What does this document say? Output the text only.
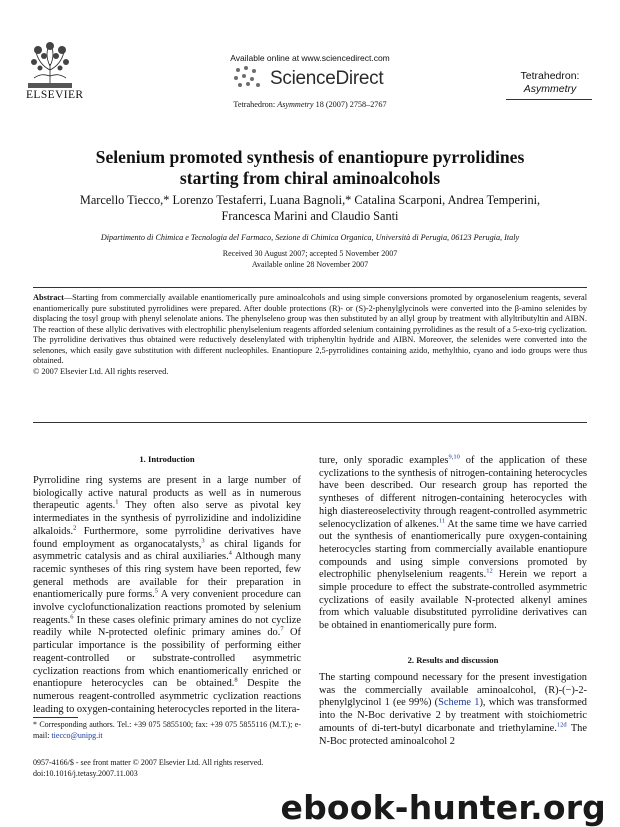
ELSEVIER
Available online at www.sciencedirect.com
ScienceDirect
Tetrahedron: Asymmetry 18 (2007) 2758–2767
Tetrahedron:
Asymmetry
Selenium promoted synthesis of enantiopure pyrrolidines
starting from chiral aminoalcohols
Marcello Tiecco,* Lorenzo Testaferri, Luana Bagnoli,* Catalina Scarponi, Andrea Temperini,
Francesca Marini and Claudio Santi
Dipartimento di Chimica e Tecnologia del Farmaco, Sezione di Chimica Organica, Università di Perugia, 06123 Perugia, Italy
Received 30 August 2007; accepted 5 November 2007
Available online 28 November 2007
Abstract—Starting from commercially available enantiomerically pure aminoalcohols and using simple conversions promoted by organoselenium reagents, several enantiomerically pure substituted pyrrolidines were prepared. After double protections (R)- or (S)-2-phenylglycinols were converted into the β-amino selenides by displacing the tosyl group with phenyl selenolate anions. The phenylseleno group was then substituted by an allyl group by treatment with allyltributyltin and AIBN. The reaction of these allylic derivatives with electrophilic phenylselenium reagents afforded selenium containing pyrrolidines as the result of a 5-exo-trig cyclization. The pyrrolidine derivatives thus obtained were reductively deselenylated with triphenyltin hydride and AIBN. Moreover, the selenides were converted into the selenones, which easily gave substitution with different nucleophiles. Enantiopure 2,5-pyrrolidines containing azido, methylthio, cyano and iodo groups were thus obtained.
© 2007 Elsevier Ltd. All rights reserved.
1. Introduction

Pyrrolidine ring systems are present in a large number of biologically active natural products as well as in numerous therapeutic agents.$^1$ They often also serve as pivotal key intermediates in the synthesis of pyrrolizidine and indolizidine alkaloids.$^2$ Furthermore, some pyrrolidine derivatives have found employment as organocatalysts,$^3$ as chiral ligands for asymmetric catalysis and as chiral auxiliaries.$^4$ Although many racemic syntheses of this ring system have been reported, few general methods are available for their preparation in enantiomerically pure forms.$^5$ A very convenient procedure can involve cyclofunctionalization reactions promoted by selenium reagents.$^6$ In these cases olefinic primary amines do not cyclize readily while N-protected olefinic primary amines do.$^7$ Of particular importance is the possibility of performing either reagent-controlled or substrate-controlled asymmetric cyclization reactions from which enantiomerically enriched or enantiopure heterocycles can be obtained.$^8$ Despite the numerous reagent-controlled asymmetric cyclization reactions leading to oxygen-containing heterocycles reported in the litera-

* Corresponding authors. Tel.: +39 075 5855100; fax: +39 075 5855116 (M.T.); e-mail: tiecco@unipg.it
0957-4166/$ - see front matter © 2007 Elsevier Ltd. All rights reserved.
doi:10.1016/j.tetasy.2007.11.003

ture, only sporadic examples$^{9,10}$ of the application of these cyclizations to the synthesis of nitrogen-containing heterocycles have been described. Our research group has reported the syntheses of different nitrogen-containing heterocycles with high diastereoselectivity through reagent-controlled asymmetric selenocyclization of alkenes.$^{11}$ At the same time we have carried out the synthesis of enantiomerically pure oxygen-containing heterocycles starting from commercially available enantiopure compounds and using simple conversions promoted by electrophilic phenylselenium reagents.$^{12}$ Herein we report a simple procedure to effect the substrate-controlled asymmetric cyclizations of easily available N-protected alkenyl amines from which valuable disubstituted pyrrolidine derivatives can be obtained in enantiomerically pure form.

2. Results and discussion

The starting compound necessary for the present investigation was the commercially available aminoalcohol, (R)-(−)-2-phenylglycinol 1 (ee 99%) (Scheme 1), which was transformed into the N-Boc derivative 2 by treatment with stoichiometric amounts of di-tert-butyl dicarbonate and triethylamine.$^{12d}$ The N-Boc protected aminoalcohol 2

ebook-hunter.org
